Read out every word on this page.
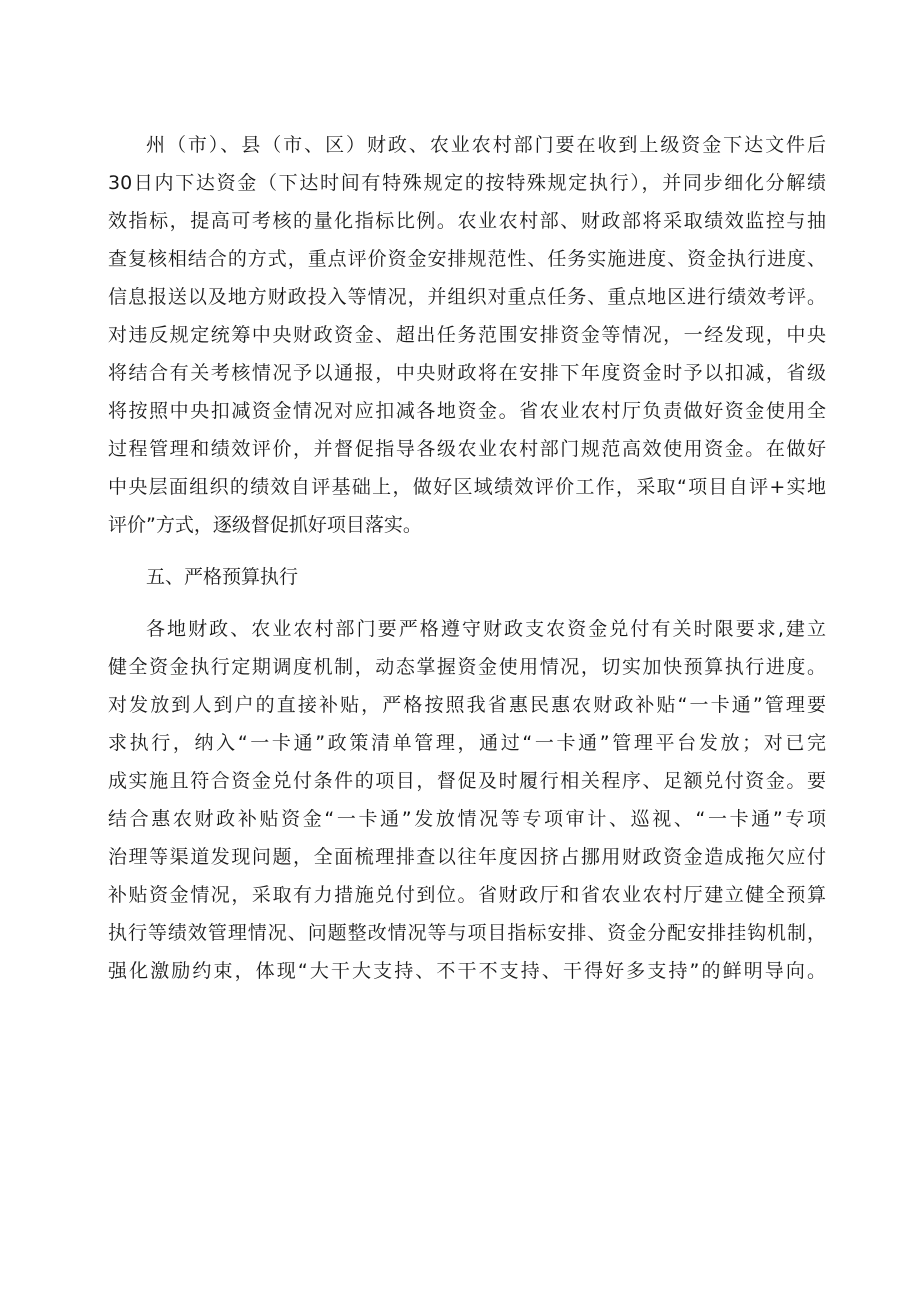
州（市）、县（市、区）财政、农业农村部门要在收到上级资金下达文件后
30日内下达资金（下达时间有特殊规定的按特殊规定执行），并同步细化分解绩
效指标，提高可考核的量化指标比例。农业农村部、财政部将采取绩效监控与抽
查复核相结合的方式，重点评价资金安排规范性、任务实施进度、资金执行进度、
信息报送以及地方财政投入等情况，并组织对重点任务、重点地区进行绩效考评。
对违反规定统筹中央财政资金、超出任务范围安排资金等情况，一经发现，中央
将结合有关考核情况予以通报，中央财政将在安排下年度资金时予以扣减，省级
将按照中央扣减资金情况对应扣减各地资金。省农业农村厅负责做好资金使用全
过程管理和绩效评价，并督促指导各级农业农村部门规范高效使用资金。在做好
中央层面组织的绩效自评基础上，做好区域绩效评价工作，采取“项目自评+实地
评价”方式，逐级督促抓好项目落实。
五、严格预算执行
各地财政、农业农村部门要严格遵守财政支农资金兑付有关时限要求,建立
健全资金执行定期调度机制，动态掌握资金使用情况，切实加快预算执行进度。
对发放到人到户的直接补贴，严格按照我省惠民惠农财政补贴“一卡通”管理要
求执行，纳入“一卡通”政策清单管理，通过“一卡通”管理平台发放；对已完
成实施且符合资金兑付条件的项目，督促及时履行相关程序、足额兑付资金。要
结合惠农财政补贴资金“一卡通”发放情况等专项审计、巡视、“一卡通”专项
治理等渠道发现问题，全面梳理排查以往年度因挤占挪用财政资金造成拖欠应付
补贴资金情况，采取有力措施兑付到位。省财政厅和省农业农村厅建立健全预算
执行等绩效管理情况、问题整改情况等与项目指标安排、资金分配安排挂钩机制，
强化激励约束，体现“大干大支持、不干不支持、干得好多支持”的鲜明导向。
